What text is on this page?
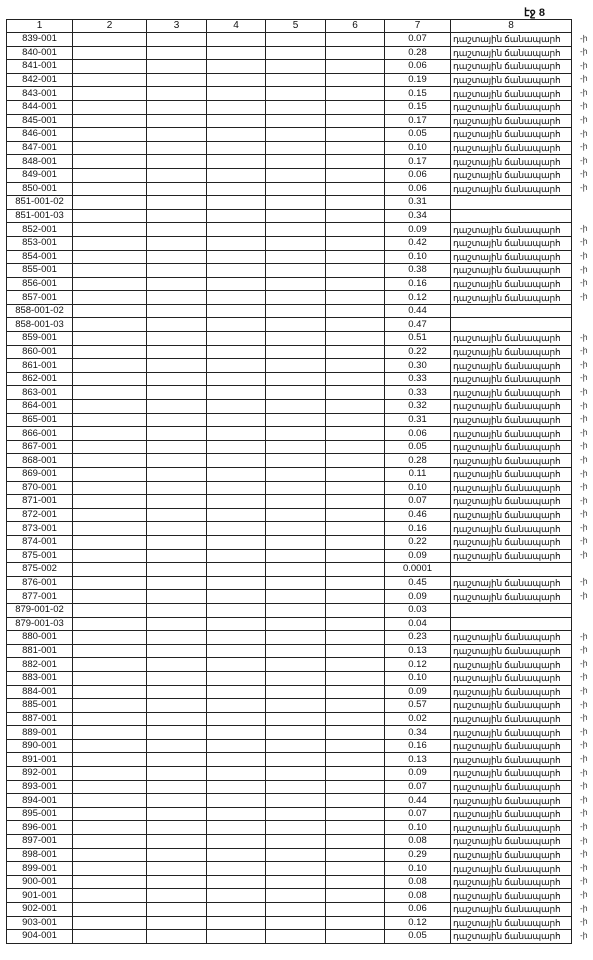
էջ 8
1	2	3	4	5	6	7	8
839-001						0.07	դաշտային ճանապարհ
840-001						0.28	դաշտային ճանապարհ
841-001						0.06	դաշտային ճանապարհ
842-001						0.19	դաշտային ճանապարհ
843-001						0.15	դաշտային ճանապարհ
844-001						0.15	դաշտային ճանապարհ
845-001						0.17	դաշտային ճանապարհ
846-001						0.05	դաշտային ճանապարհ
847-001						0.10	դաշտային ճանապարհ
848-001						0.17	դաշտային ճանապարհ
849-001						0.06	դաշտային ճանապարհ
850-001						0.06	դաշտային ճանապարհ
851-001-02						0.31	
851-001-03						0.34	
852-001						0.09	դաշտային ճանապարհ
853-001						0.42	դաշտային ճանապարհ
854-001						0.10	դաշտային ճանապարհ
855-001						0.38	դաշտային ճանապարհ
856-001						0.16	դաշտային ճանապարհ
857-001						0.12	դաշտային ճանապարհ
858-001-02						0.44	
858-001-03						0.47	
859-001						0.51	դաշտային ճանապարհ
860-001						0.22	դաշտային ճանապարհ
861-001						0.30	դաշտային ճանապարհ
862-001						0.33	դաշտային ճանապարհ
863-001						0.33	դաշտային ճանապարհ
864-001						0.32	դաշտային ճանապարհ
865-001						0.31	դաշտային ճանապարհ
866-001						0.06	դաշտային ճանապարհ
867-001						0.05	դաշտային ճանապարհ
868-001						0.28	դաշտային ճանապարհ
869-001						0.11	դաշտային ճանապարհ
870-001						0.10	դաշտային ճանապարհ
871-001						0.07	դաշտային ճանապարհ
872-001						0.46	դաշտային ճանապարհ
873-001						0.16	դաշտային ճանապարհ
874-001						0.22	դաշտային ճանապարհ
875-001						0.09	դաշտային ճանապարհ
875-002						0.0001	
876-001						0.45	դաշտային ճանապարհ
877-001						0.09	դաշտային ճանապարհ
879-001-02						0.03	
879-001-03						0.04	
880-001						0.23	դաշտային ճանապարհ
881-001						0.13	դաշտային ճանապարհ
882-001						0.12	դաշտային ճանապարհ
883-001						0.10	դաշտային ճանապարհ
884-001						0.09	դաշտային ճանապարհ
885-001						0.57	դաշտային ճանապարհ
887-001						0.02	դաշտային ճանապարհ
889-001						0.34	դաշտային ճանապարհ
890-001						0.16	դաշտային ճանապարհ
891-001						0.13	դաշտային ճանապարհ
892-001						0.09	դաշտային ճանապարհ
893-001						0.07	դաշտային ճանապարհ
894-001						0.44	դաշտային ճանապարհ
895-001						0.07	դաշտային ճանապարհ
896-001						0.10	դաշտային ճանապարհ
897-001						0.08	դաշտային ճանապարհ
898-001						0.29	դաշտային ճանապարհ
899-001						0.10	դաշտային ճանապարհ
900-001						0.08	դաշտային ճանապարհ
901-001						0.08	դաշտային ճանապարհ
902-001						0.06	դաշտային ճանապարհ
903-001						0.12	դաշտային ճանապարհ
904-001						0.05	դաշտային ճանապարհ
-ի
-ի
-ի
-ի
-ի
-ի
-ի
-ի
-ի
-ի
-ի
-ի
-ի
-ի
-ի
-ի
-ի
-ի
-ի
-ի
-ի
-ի
-ի
-ի
-ի
-ի
-ի
-ի
-ի
-ի
-ի
-ի
-ի
-ի
-ի
-ի
-ի
-ի
-ի
-ի
-ի
-ի
-ի
-ի
-ի
-ի
-ի
-ի
-ի
-ի
-ի
-ի
-ի
-ի
-ի
-ի
-ի
-ի
-ի
-ի
